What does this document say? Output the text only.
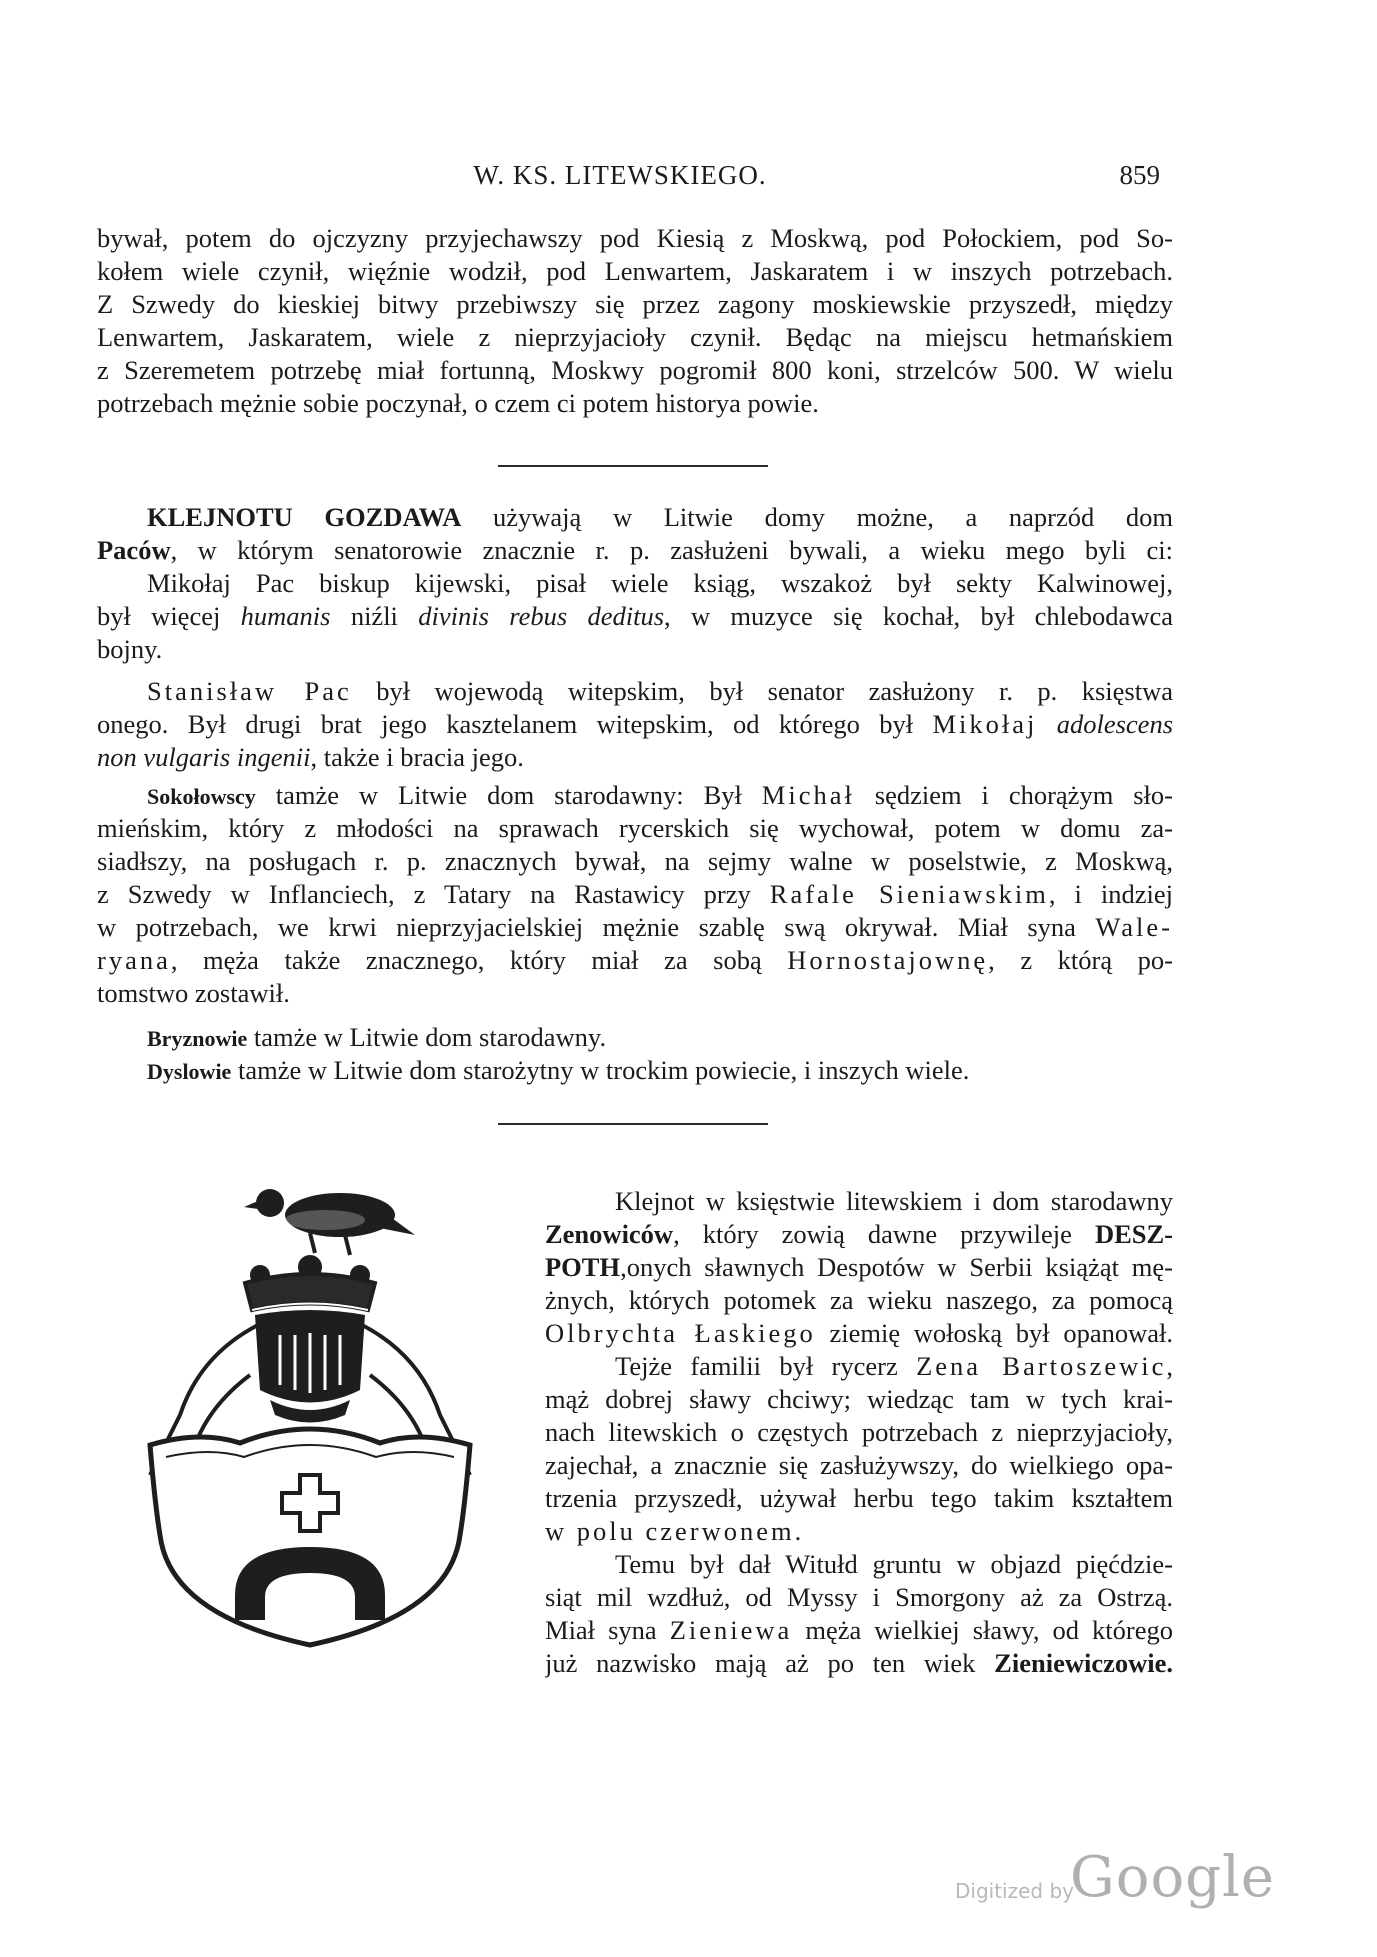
W. KS. LITEWSKIEGO.	859
bywał, potem do ojczyzny przyjechawszy pod Kiesią z Moskwą, pod Połockiem, pod So-
kołem wiele czynił, więźnie wodził, pod Lenwartem, Jaskaratem i w inszych potrzebach.
Z Szwedy do kieskiej bitwy przebiwszy się przez zagony moskiewskie przyszedł, między
Lenwartem, Jaskaratem, wiele z nieprzyjacioły czynił. Będąc na miejscu hetmańskiem
z Szeremetem potrzebę miał fortunną, Moskwy pogromił 800 koni, strzelców 500. W wielu
potrzebach mężnie sobie poczynał, o czem ci potem historya powie.
KLEJNOTU GOZDAWA używają w Litwie domy możne, a naprzód dom
Paców, w którym senatorowie znacznie r. p. zasłużeni bywali, a wieku mego byli ci:
Mikołaj Pac biskup kijewski, pisał wiele ksiąg, wszakoż był sekty Kalwinowej,
był więcej humanis niźli divinis rebus deditus, w muzyce się kochał, był chlebodawca
bojny.
Stanisław Pac był wojewodą witepskim, był senator zasłużony r. p. księstwa
onego. Był drugi brat jego kasztelanem witepskim, od którego był Mikołaj adolescens
non vulgaris ingenii, także i bracia jego.
Sokołowscy tamże w Litwie dom starodawny: Był Michał sędziem i chorążym sło-
mieńskim, który z młodości na sprawach rycerskich się wychował, potem w domu za-
siadłszy, na posługach r. p. znacznych bywał, na sejmy walne w poselstwie, z Moskwą,
z Szwedy w Inflanciech, z Tatary na Rastawicy przy Rafale Sieniawskim, i indziej
w potrzebach, we krwi nieprzyjacielskiej mężnie szablę swą okrywał. Miał syna Wale-
ryana, męża także znacznego, który miał za sobą Hornostajownę, z którą po-
tomstwo zostawił.
Bryznowie tamże w Litwie dom starodawny.
Dyslowie tamże w Litwie dom starożytny w trockim powiecie, i inszych wiele.
Klejnot w księstwie litewskiem i dom starodawny
Zenowiców, który zowią dawne przywileje DESZ-
POTH,onych sławnych Despotów w Serbii książąt mę-
żnych, których potomek za wieku naszego, za pomocą
Olbrychta Łaskiego ziemię wołoską był opanował.
Tejże familii był rycerz Zena Bartoszewic,
mąż dobrej sławy chciwy; wiedząc tam w tych krai-
nach litewskich o częstych potrzebach z nieprzyjacioły,
zajechał, a znacznie się zasłużywszy, do wielkiego opa-
trzenia przyszedł, używał herbu tego takim kształtem
w polu czerwonem.
Temu był dał Witułd gruntu w objazd pięćdzie-
siąt mil wzdłuż, od Myssy i Smorgony aż za Ostrzą.
Miał syna Zieniewa męża wielkiej sławy, od którego
już nazwisko mają aż po ten wiek Zieniewiczowie.
Digitized by
Google
